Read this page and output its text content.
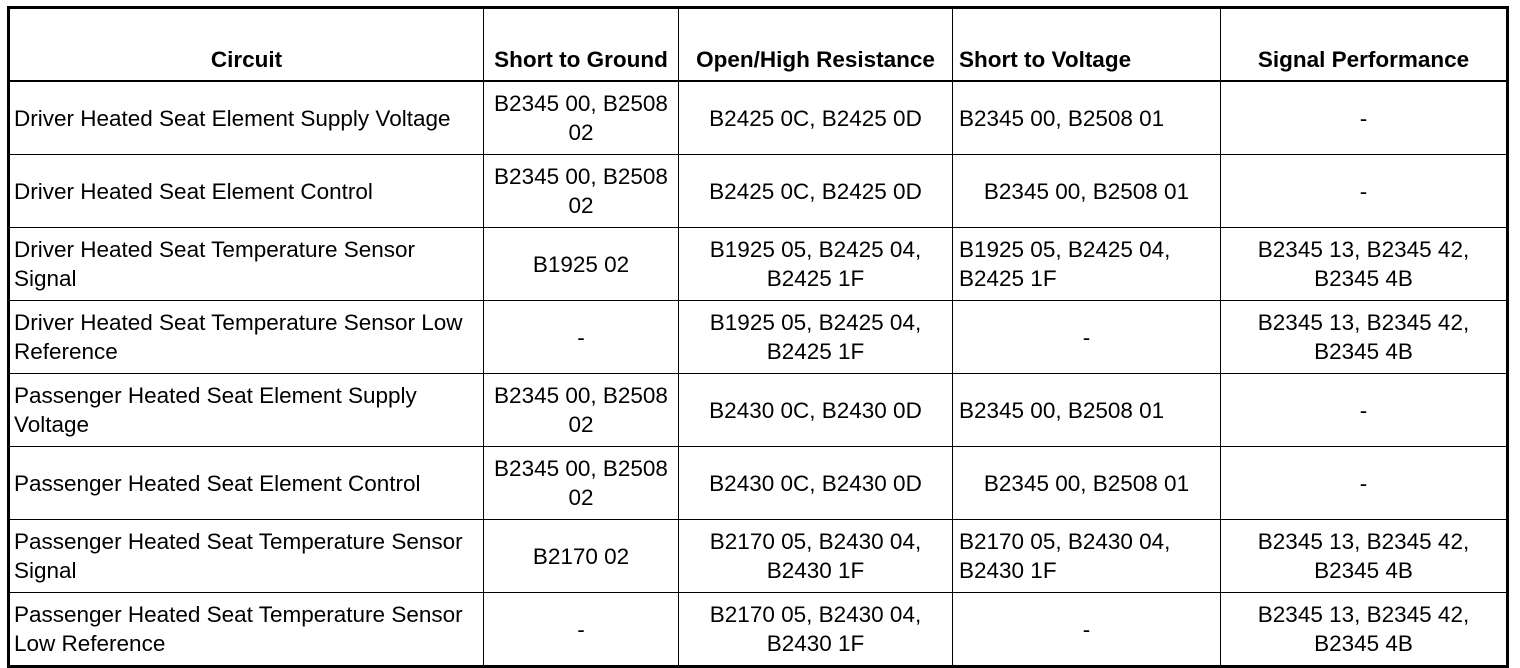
Circuit	Short to Ground	Open/High Resistance	Short to Voltage	Signal Performance
Driver Heated Seat Element Supply Voltage	B2345 00, B2508 02	B2425 0C, B2425 0D	B2345 00, B2508 01	-
Driver Heated Seat Element Control	B2345 00, B2508 02	B2425 0C, B2425 0D	B2345 00, B2508 01	-
Driver Heated Seat Temperature Sensor Signal	B1925 02	B1925 05, B2425 04, B2425 1F	B1925 05, B2425 04, B2425 1F	B2345 13, B2345 42, B2345 4B
Driver Heated Seat Temperature Sensor Low Reference	-	B1925 05, B2425 04, B2425 1F	-	B2345 13, B2345 42, B2345 4B
Passenger Heated Seat Element Supply Voltage	B2345 00, B2508 02	B2430 0C, B2430 0D	B2345 00, B2508 01	-
Passenger Heated Seat Element Control	B2345 00, B2508 02	B2430 0C, B2430 0D	B2345 00, B2508 01	-
Passenger Heated Seat Temperature Sensor Signal	B2170 02	B2170 05, B2430 04, B2430 1F	B2170 05, B2430 04, B2430 1F	B2345 13, B2345 42, B2345 4B
Passenger Heated Seat Temperature Sensor Low Reference	-	B2170 05, B2430 04, B2430 1F	-	B2345 13, B2345 42, B2345 4B
